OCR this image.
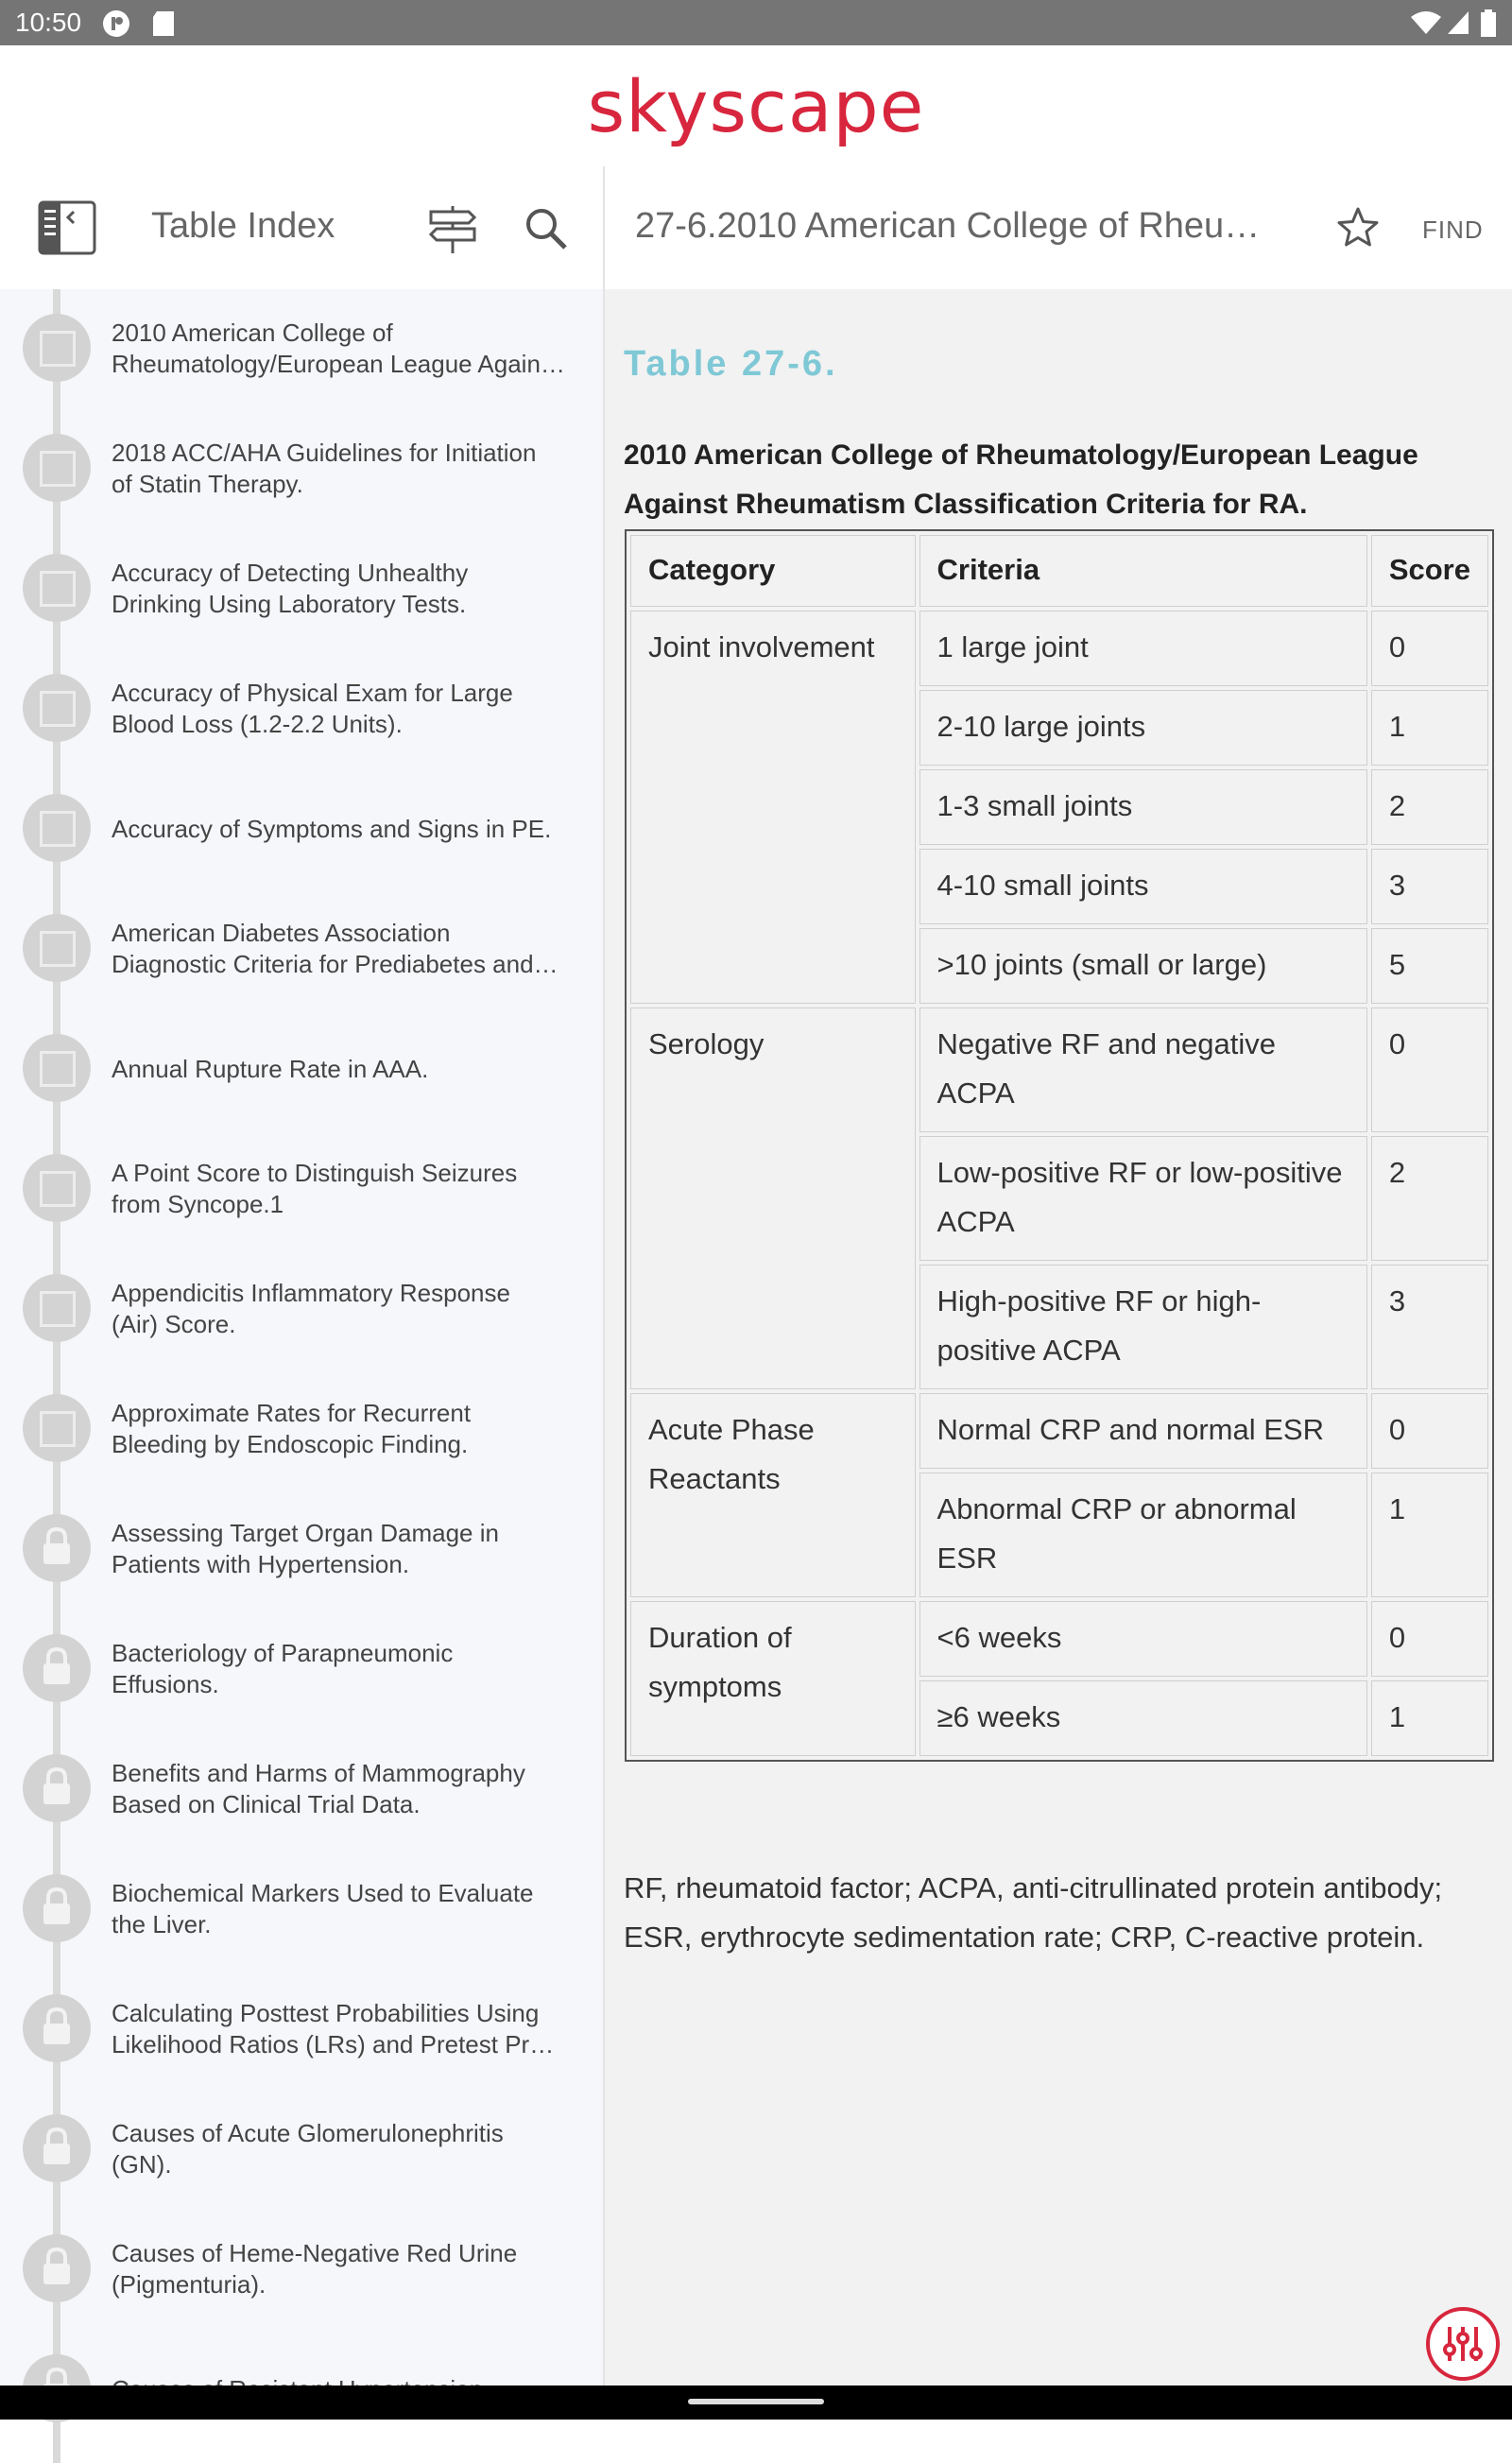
10:50
skyscape
Table Index
2010 American College of
Rheumatology/European League Again…
2018 ACC/AHA Guidelines for Initiation
of Statin Therapy.
Accuracy of Detecting Unhealthy
Drinking Using Laboratory Tests.
Accuracy of Physical Exam for Large
Blood Loss (1.2-2.2 Units).
Accuracy of Symptoms and Signs in PE.
American Diabetes Association
Diagnostic Criteria for Prediabetes and…
Annual Rupture Rate in AAA.
A Point Score to Distinguish Seizures
from Syncope.1
Appendicitis Inflammatory Response
(Air) Score.
Approximate Rates for Recurrent
Bleeding by Endoscopic Finding.
Assessing Target Organ Damage in
Patients with Hypertension.
Bacteriology of Parapneumonic
Effusions.
Benefits and Harms of Mammography
Based on Clinical Trial Data.
Biochemical Markers Used to Evaluate
the Liver.
Calculating Posttest Probabilities Using
Likelihood Ratios (LRs) and Pretest Pr…
Causes of Acute Glomerulonephritis
(GN).
Causes of Heme-Negative Red Urine
(Pigmenturia).
27-6.2010 American College of Rheu…	FIND
Table 27-6.
2010 American College of Rheumatology/European League Against Rheumatism Classification Criteria for RA.
Category	Criteria	Score
Joint involvement	1 large joint	0
	2-10 large joints	1
	1-3 small joints	2
	4-10 small joints	3
	>10 joints (small or large)	5
Serology	Negative RF and negative ACPA	0
	Low-positive RF or low-positive ACPA	2
	High-positive RF or high-positive ACPA	3
Acute Phase Reactants	Normal CRP and normal ESR	0
	Abnormal CRP or abnormal ESR	1
Duration of symptoms	<6 weeks	0
	≥6 weeks	1
RF, rheumatoid factor; ACPA, anti-citrullinated protein antibody; ESR, erythrocyte sedimentation rate; CRP, C-reactive protein.
